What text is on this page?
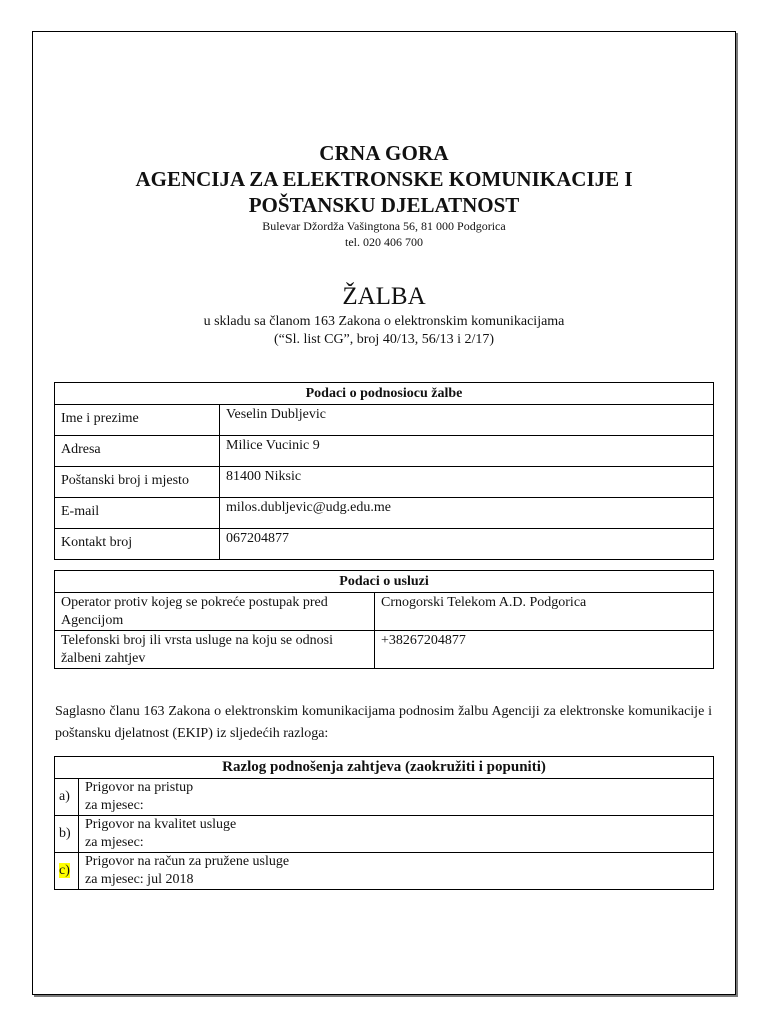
CRNA GORA
AGENCIJA ZA ELEKTRONSKE KOMUNIKACIJE I
POŠTANSKU DJELATNOST
Bulevar Džordža Vašingtona 56, 81 000 Podgorica
tel. 020 406 700
ŽALBA
u skladu sa članom 163 Zakona o elektronskim komunikacijama
(“Sl. list CG”, broj 40/13, 56/13 i 2/17)
Podaci o podnosiocu žalbe	
Ime i prezime	Veselin Dubljevic
Adresa	Milice Vucinic 9
Poštanski broj i mjesto	81400 Niksic
E-mail	milos.dubljevic@udg.edu.me
Kontakt broj	067204877
Podaci o usluzi	

Operator protiv kojeg se pokreće postupak pred
Agencijom	Crnogorski Telekom A.D. Podgorica

Telefonski broj ili vrsta usluge na koju se odnosi
žalbeni zahtjev	+38267204877
Saglasno članu 163 Zakona o elektronskim komunikacijama podnosim žalbu Agenciji za elektronske komunikacije i poštansku djelatnost (EKIP) iz sljedećih razloga:
Razlog podnošenja zahtjeva (zaokružiti i popuniti)	
a)	Prigovor na pristup
za mjesec:

b)	Prigovor na kvalitet usluge
za mjesec:

c)	Prigovor na račun za pružene usluge
za mjesec: jul 2018
